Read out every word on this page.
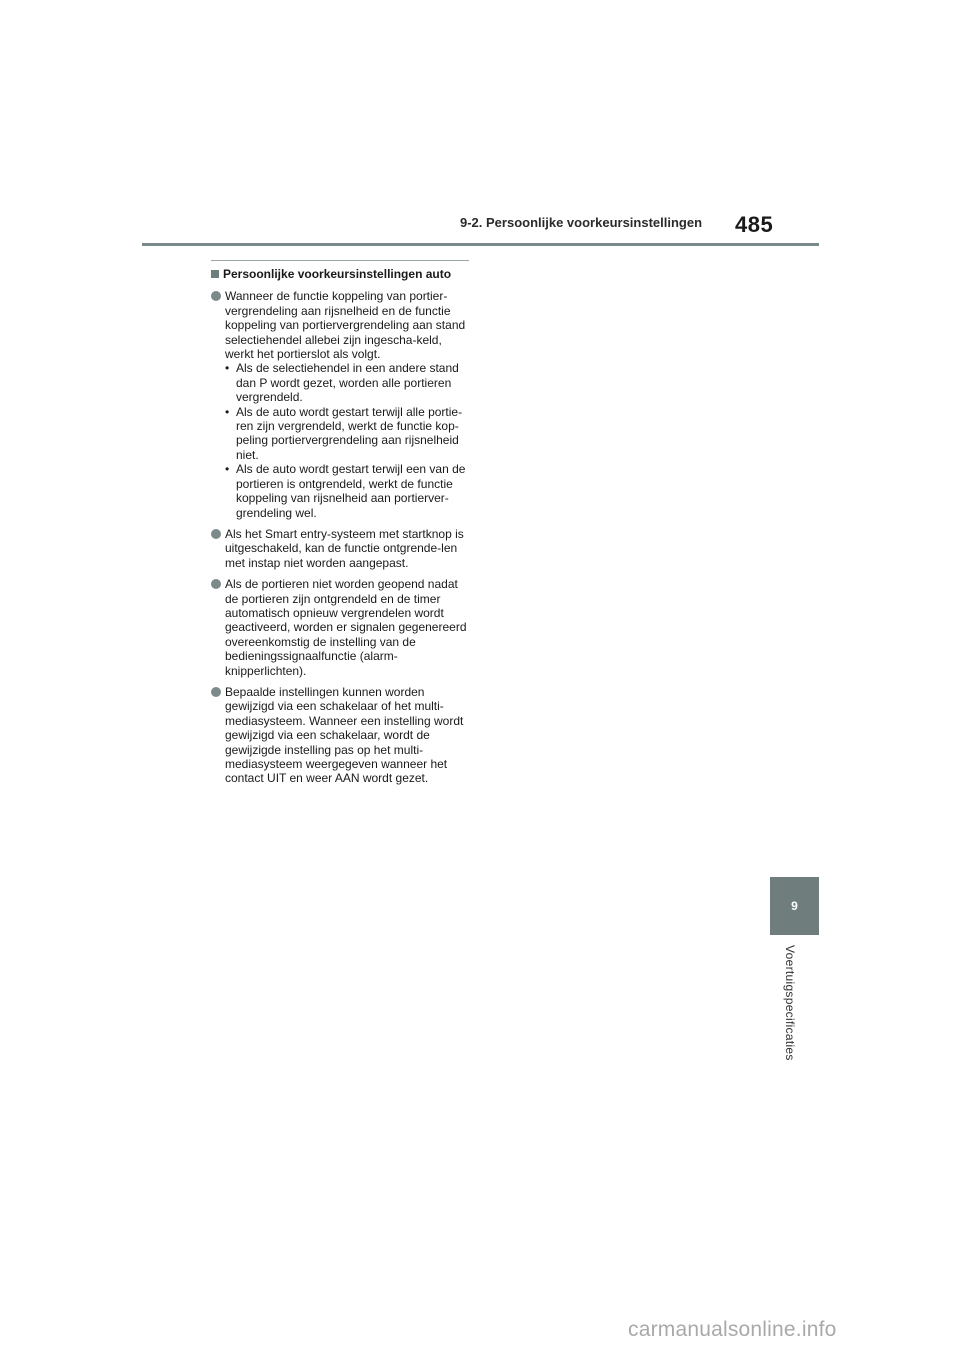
9-2. Persoonlijke voorkeursinstellingen 485
9
Voertuigspecificaties
Persoonlijke voorkeursinstellingen auto

Wanneer de functie koppeling van portier-vergrendeling aan rijsnelheid en de functie koppeling van portiervergrendeling aan stand selectiehendel allebei zijn ingescha-keld, werkt het portierslot als volgt.

• Als de selectiehendel in een andere stand dan P wordt gezet, worden alle portieren vergrendeld.
• Als de auto wordt gestart terwijl alle portie-ren zijn vergrendeld, werkt de functie kop-peling portiervergrendeling aan rijsnelheid niet.
• Als de auto wordt gestart terwijl een van de portieren is ontgrendeld, werkt de functie koppeling van rijsnelheid aan portierver-grendeling wel.

Als het Smart entry-systeem met startknop is uitgeschakeld, kan de functie ontgrende-len met instap niet worden aangepast.

Als de portieren niet worden geopend nadat de portieren zijn ontgrendeld en de timer automatisch opnieuw vergrendelen wordt geactiveerd, worden er signalen gegenereerd overeenkomstig de instelling van de bedieningssignaalfunctie (alarm-knipperlichten).

Bepaalde instellingen kunnen worden gewijzigd via een schakelaar of het multi-mediasysteem. Wanneer een instelling wordt gewijzigd via een schakelaar, wordt de gewijzigde instelling pas op het multi-mediasysteem weergegeven wanneer het contact UIT en weer AAN wordt gezet.

carmanualsonline.info
